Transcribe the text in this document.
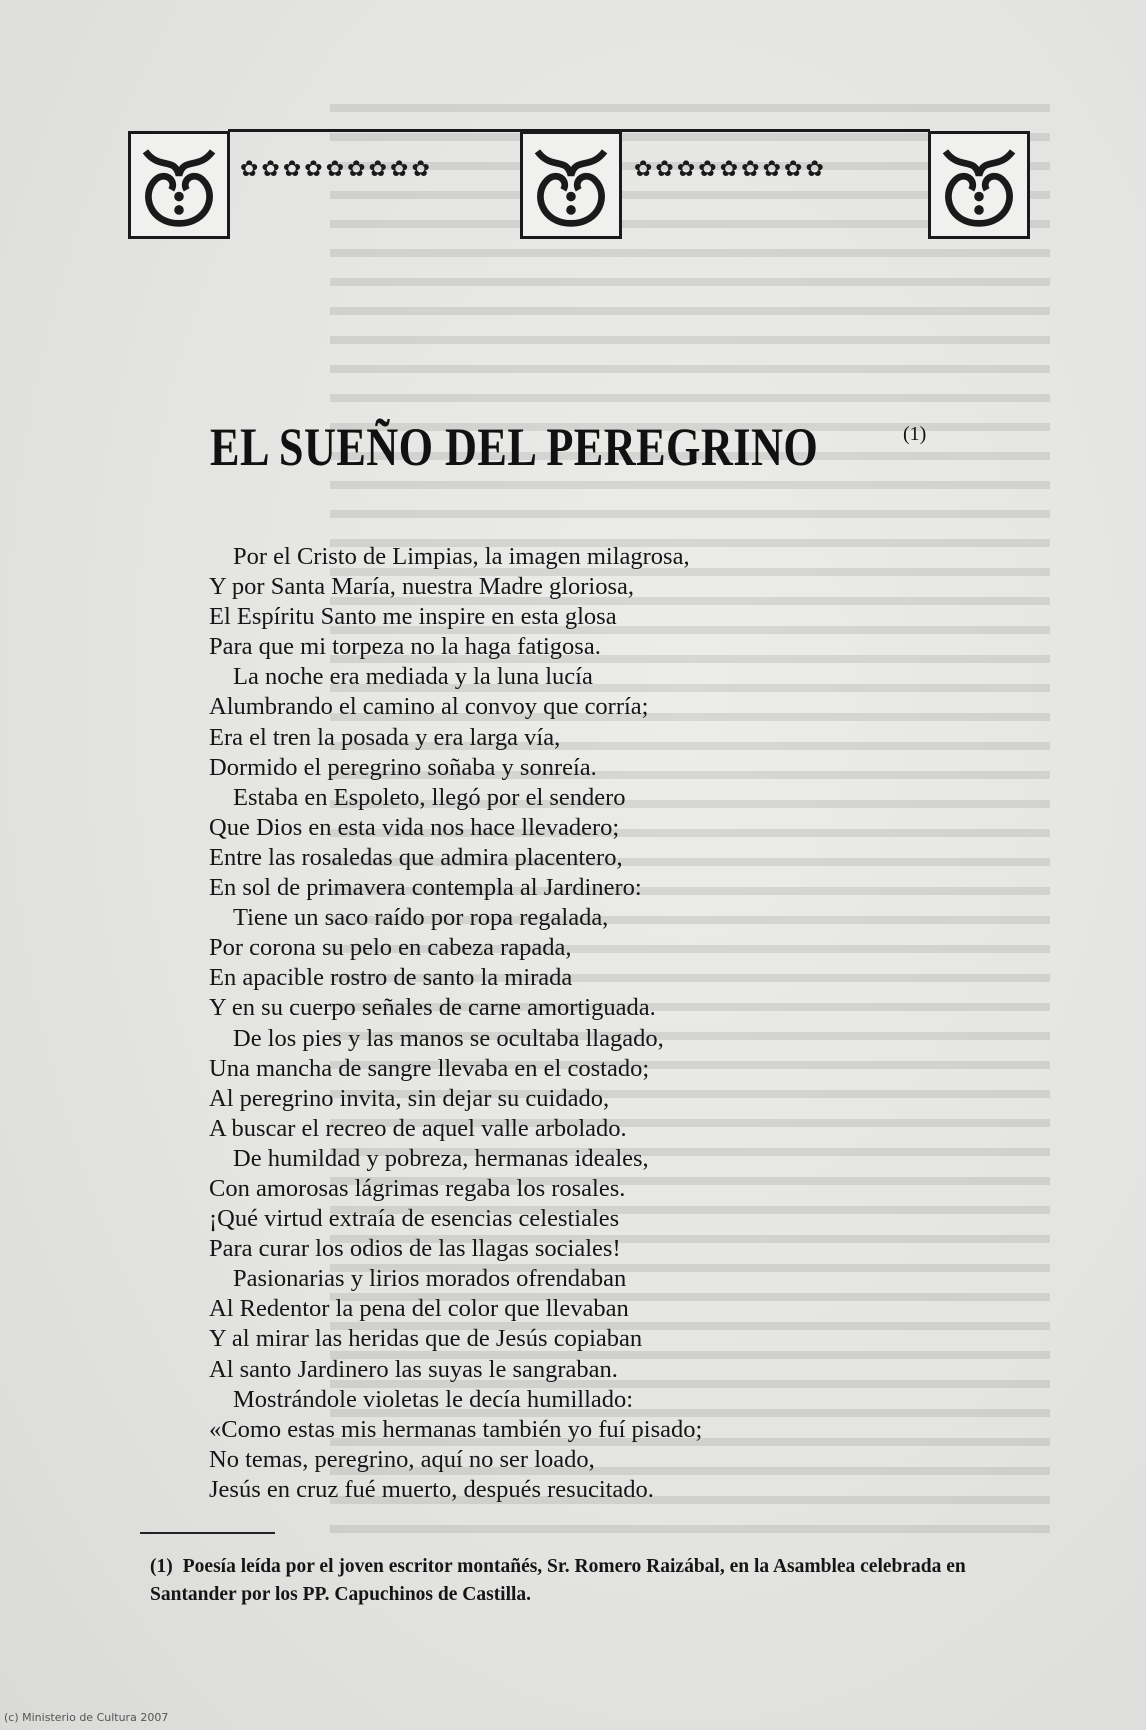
✿✿✿✿✿✿✿✿✿	✿✿✿✿✿✿✿✿✿
EL SUEÑO DEL PEREGRINO	(1)
Por el Cristo de Limpias, la imagen milagrosa,
Y por Santa María, nuestra Madre gloriosa,
El Espíritu Santo me inspire en esta glosa
Para que mi torpeza no la haga fatigosa.
La noche era mediada y la luna lucía
Alumbrando el camino al convoy que corría;
Era el tren la posada y era larga vía,
Dormido el peregrino soñaba y sonreía.
Estaba en Espoleto, llegó por el sendero
Que Dios en esta vida nos hace llevadero;
Entre las rosaledas que admira placentero,
En sol de primavera contempla al Jardinero:
Tiene un saco raído por ropa regalada,
Por corona su pelo en cabeza rapada,
En apacible rostro de santo la mirada
Y en su cuerpo señales de carne amortiguada.
De los pies y las manos se ocultaba llagado,
Una mancha de sangre llevaba en el costado;
Al peregrino invita, sin dejar su cuidado,
A buscar el recreo de aquel valle arbolado.
De humildad y pobreza, hermanas ideales,
Con amorosas lágrimas regaba los rosales.
¡Qué virtud extraía de esencias celestiales
Para curar los odios de las llagas sociales!
Pasionarias y lirios morados ofrendaban
Al Redentor la pena del color que llevaban
Y al mirar las heridas que de Jesús copiaban
Al santo Jardinero las suyas le sangraban.
Mostrándole violetas le decía humillado:
«Como estas mis hermanas también yo fuí pisado;
No temas, peregrino, aquí no ser loado,
Jesús en cruz fué muerto, después resucitado.
(1) Poesía leída por el joven escritor montañés, Sr. Romero Raizábal, en la Asamblea celebrada en Santander por los PP. Capuchinos de Castilla.
(c) Ministerio de Cultura 2007
